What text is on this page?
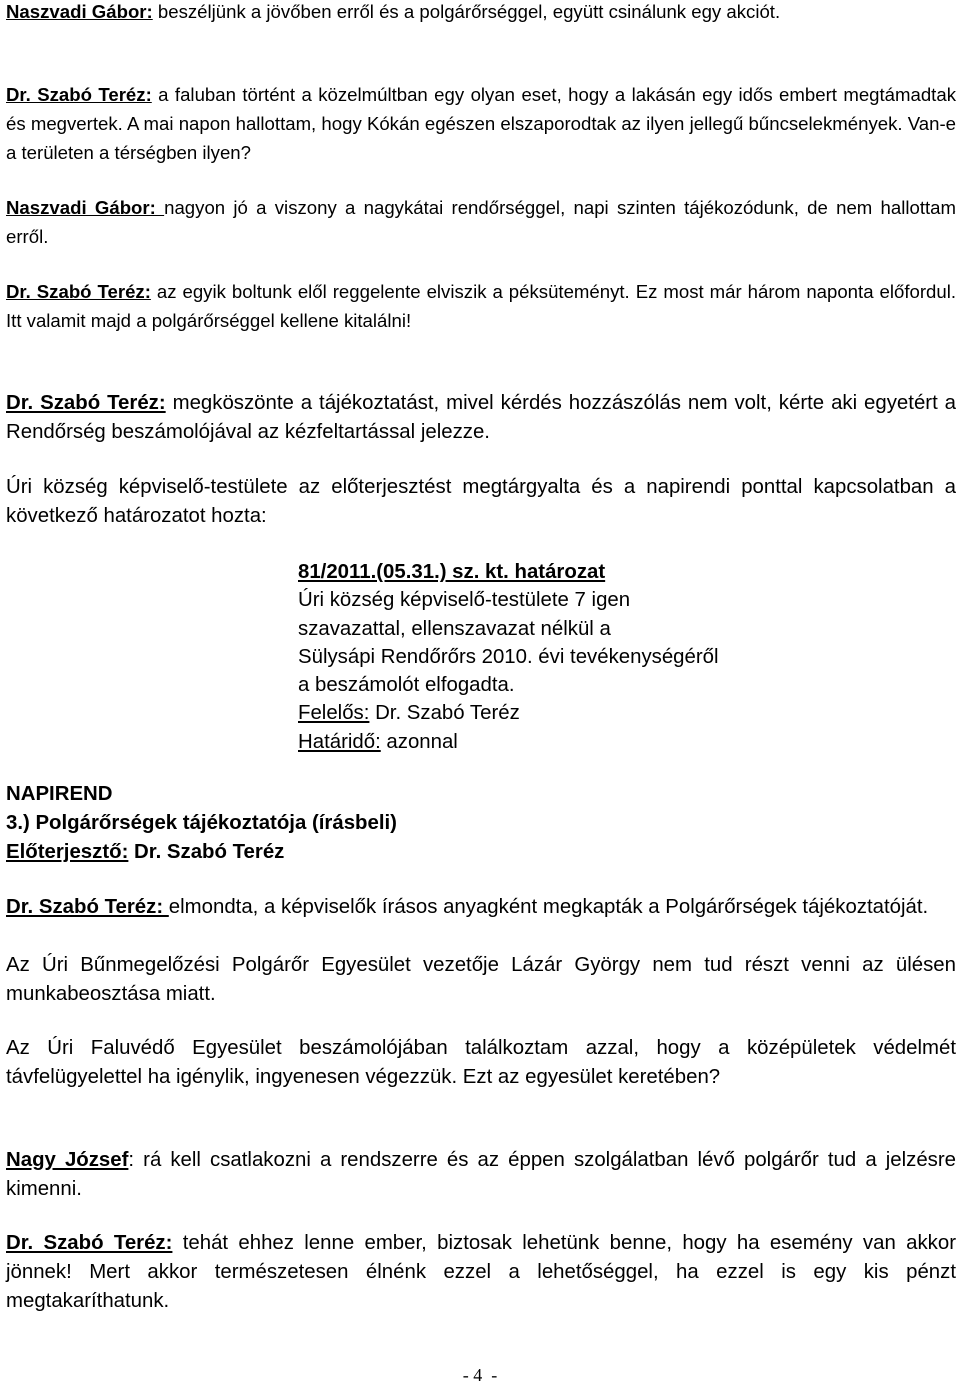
Naszvadi Gábor: beszéljünk a jövőben erről és a polgárőrséggel, együtt csinálunk egy akciót.

Dr. Szabó Teréz: a faluban történt a közelmúltban egy olyan eset, hogy a lakásán egy idős embert megtámadtak és megvertek. A mai napon hallottam, hogy Kókán egészen elszaporodtak az ilyen jellegű bűncselekmények. Van-e a területen a térségben ilyen?

Naszvadi Gábor: nagyon jó a viszony a nagykátai rendőrséggel, napi szinten tájékozódunk, de nem hallottam erről.

Dr. Szabó Teréz: az egyik boltunk elől reggelente elviszik a péksüteményt. Ez most már három naponta előfordul. Itt valamit majd a polgárőrséggel kellene kitalálni!

Dr. Szabó Teréz: megköszönte a tájékoztatást, mivel kérdés hozzászólás nem volt, kérte aki egyetért a Rendőrség beszámolójával az kézfeltartással jelezze.

Úri község képviselő-testülete az előterjesztést megtárgyalta és a napirendi ponttal kapcsolatban a következő határozatot hozta:

81/2011.(05.31.) sz. kt. határozat
Úri község képviselő-testülete 7 igen
szavazattal, ellenszavazat nélkül a
Sülysápi Rendőrőrs 2010. évi tevékenységéről
a beszámolót elfogadta.
Felelős: Dr. Szabó Teréz
Határidő: azonnal
NAPIREND
3.) Polgárőrségek tájékoztatója (írásbeli)
Előterjesztő: Dr. Szabó Teréz

Dr. Szabó Teréz: elmondta, a képviselők írásos anyagként megkapták a Polgárőrségek tájékoztatóját.

Az Úri Bűnmegelőzési Polgárőr Egyesület vezetője Lázár György nem tud részt venni az ülésen munkabeosztása miatt.

Az Úri Faluvédő Egyesület beszámolójában találkoztam azzal, hogy a középületek védelmét távfelügyelettel ha igénylik, ingyenesen végezzük. Ezt az egyesület keretében?

Nagy József: rá kell csatlakozni a rendszerre és az éppen szolgálatban lévő polgárőr tud a jelzésre kimenni.

Dr. Szabó Teréz: tehát ehhez lenne ember, biztosak lehetünk benne, hogy ha esemény van akkor jönnek! Mert akkor természetesen élnénk ezzel a lehetőséggel, ha ezzel is egy kis pénzt megtakaríthatunk.

- 4  -
